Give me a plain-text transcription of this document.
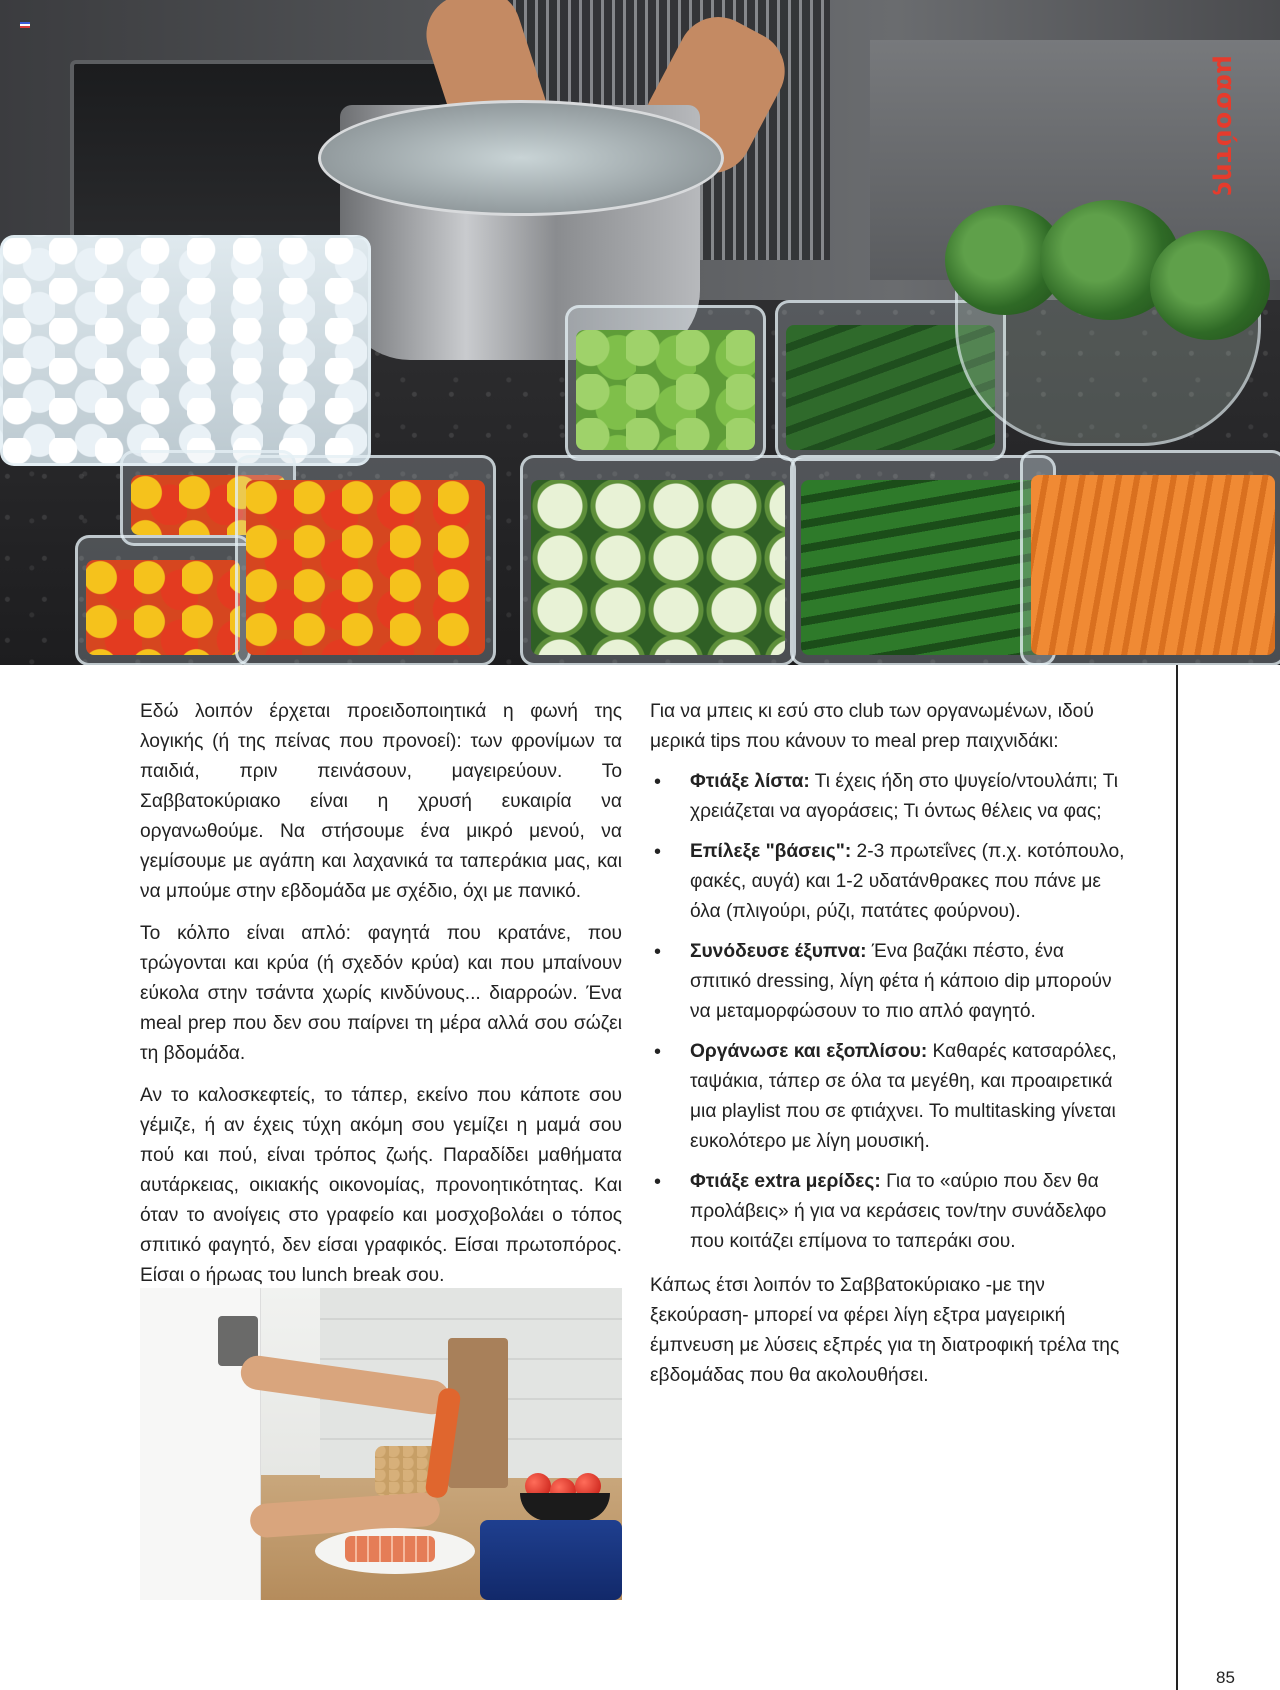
μασούτης

Εδώ λοιπόν έρχεται προειδοποιητικά η φωνή της λογικής (ή της πείνας που προνοεί): των φρονίμων τα παιδιά, πριν πεινάσουν, μαγειρεύουν. Το Σαββατοκύριακο είναι η χρυσή ευκαιρία να οργανωθούμε. Να στήσουμε ένα μικρό μενού, να γεμίσουμε με αγάπη και λαχανικά τα ταπεράκια μας, και να μπούμε στην εβδομάδα με σχέδιο, όχι με πανικό.

Το κόλπο είναι απλό: φαγητά που κρατάνε, που τρώγονται και κρύα (ή σχεδόν κρύα) και που μπαίνουν εύκολα στην τσάντα χωρίς κινδύνους... διαρροών. Ένα meal prep που δεν σου παίρνει τη μέρα αλλά σου σώζει τη βδομάδα.

Αν το καλοσκεφτείς, το τάπερ, εκείνο που κάποτε σου γέμιζε, ή αν έχεις τύχη ακόμη σου γεμίζει η μαμά σου πού και πού, είναι τρόπος ζωής. Παραδίδει μαθήματα αυτάρκειας, οικιακής οικονομίας, προνοητικότητας. Και όταν το ανοίγεις στο γραφείο και μοσχοβολάει ο τόπος σπιτικό φαγητό, δεν είσαι γραφικός. Είσαι πρωτοπόρος. Είσαι ο ήρωας του lunch break σου.

Για να μπεις κι εσύ στο club των οργανωμένων, ιδού μερικά tips που κάνουν το meal prep παιχνιδάκι:

• Φτιάξε λίστα: Τι έχεις ήδη στο ψυγείο/ντουλάπι; Τι χρειάζεται να αγοράσεις; Τι όντως θέλεις να φας;
• Επίλεξε "βάσεις": 2-3 πρωτεΐνες (π.χ. κοτόπουλο, φακές, αυγά) και 1-2 υδατάνθρακες που πάνε με όλα (πλιγούρι, ρύζι, πατάτες φούρνου).
• Συνόδευσε έξυπνα: Ένα βαζάκι πέστο, ένα σπιτικό dressing, λίγη φέτα ή κάποιο dip μπορούν να μεταμορφώσουν το πιο απλό φαγητό.
• Οργάνωσε και εξοπλίσου: Καθαρές κατσαρόλες, ταψάκια, τάπερ σε όλα τα μεγέθη, και προαιρετικά μια playlist που σε φτιάχνει. Το multitasking γίνεται ευκολότερο με λίγη μουσική.
• Φτιάξε extra μερίδες: Για το «αύριο που δεν θα προλάβεις» ή για να κεράσεις τον/την συνάδελφο που κοιτάζει επίμονα το ταπεράκι σου.

Κάπως έτσι λοιπόν το Σαββατοκύριακο -με την ξεκούραση- μπορεί να φέρει λίγη εξτρα μαγειρική έμπνευση με λύσεις εξπρές για τη διατροφική τρέλα της εβδομάδας που θα ακολουθήσει.

85
